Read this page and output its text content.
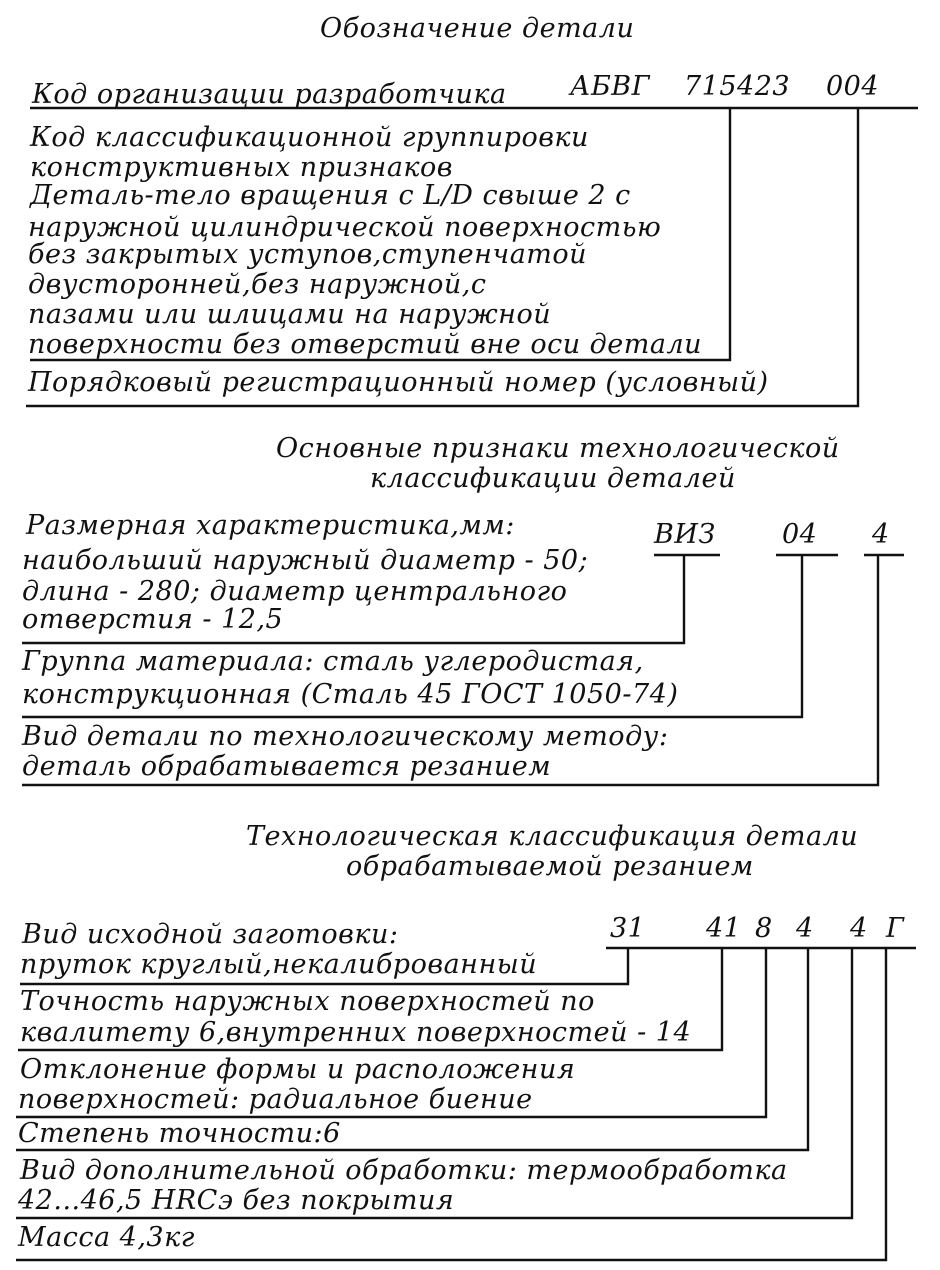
Обозначение детали
АБВГ 715423 004
Код организации разработчика
Код классификационной группировки
конструктивных признаков
Деталь-тело вращения с L/D свыше 2 с
наружной цилиндрической поверхностью
без закрытых уступов,ступенчатой
двусторонней,без наружной,с
пазами или шлицами на наружной
поверхности без отверстий вне оси детали
Порядковый регистрационный номер (условный)
Основные признаки технологической
классификации деталей
ВИЗ 04 4
Размерная характеристика,мм:
наибольший наружный диаметр - 50;
длина - 280; диаметр центрального
отверстия - 12,5
Группа материала: сталь углеродистая,
конструкционная (Сталь 45 ГОСТ 1050-74)
Вид детали по технологическому методу:
деталь обрабатывается резанием
Технологическая классификация детали
обрабатываемой резанием
31 41 8 4 4 Г
Вид исходной заготовки:
пруток круглый,некалиброванный
Точность наружных поверхностей по
квалитету 6,внутренних поверхностей - 14
Отклонение формы и расположения
поверхностей: радиальное биение
Степень точности:6
Вид дополнительной обработки: термообработка
42...46,5 HRCэ без покрытия
Масса 4,3кг
